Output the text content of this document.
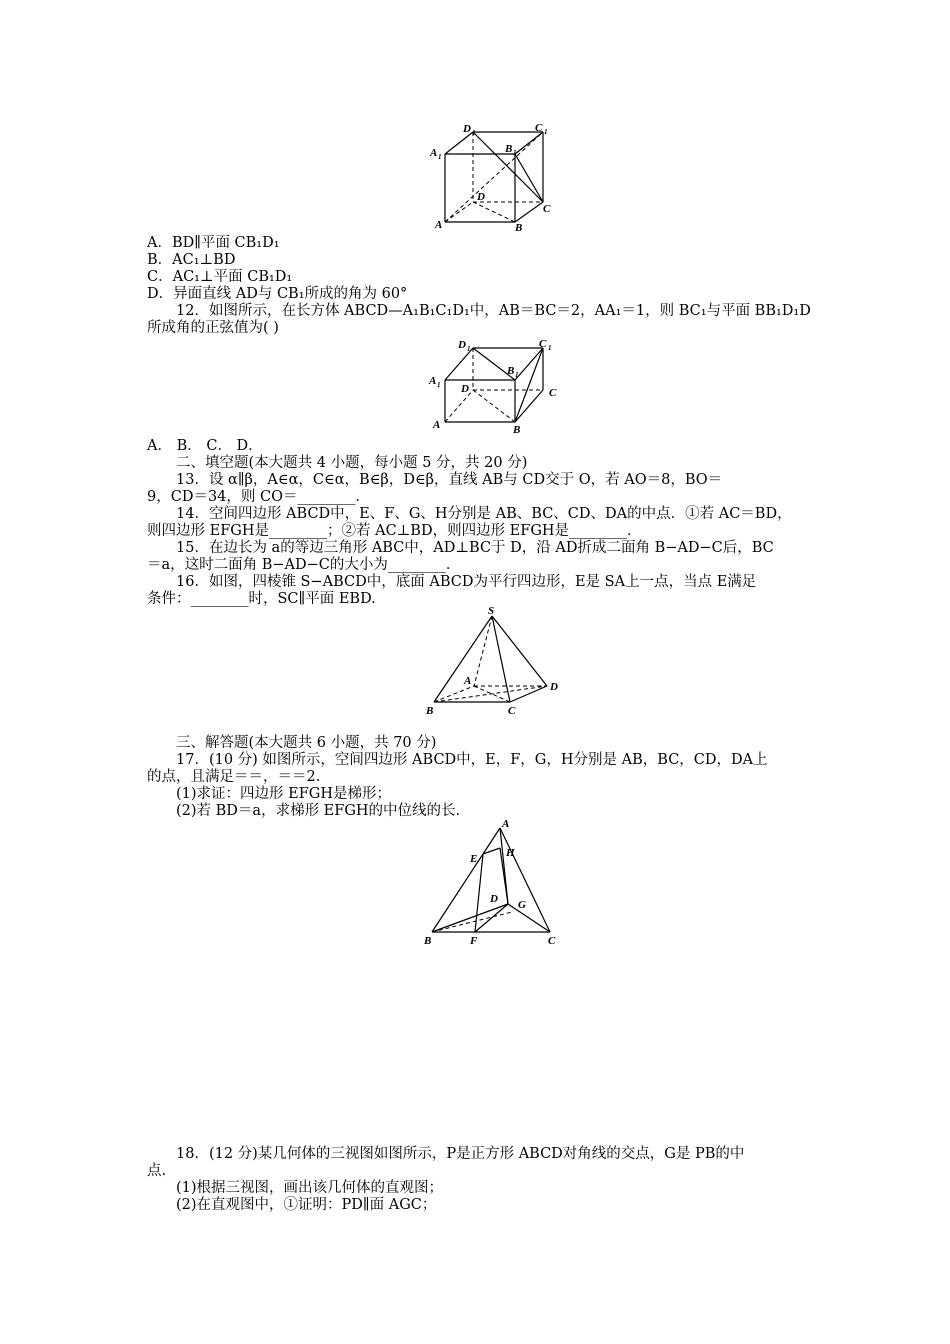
D 1	C 1
A 1
B 1
D
C
A	B
A．BD∥平面 CB₁D₁
B．AC₁⊥BD
C．AC₁⊥平面 CB₁D₁
D．异面直线 AD与 CB₁所成的角为 60°
12．如图所示，在长方体 ABCD—A₁B₁C₁D₁中，AB＝BC＝2，AA₁＝1，则 BC₁与平面 BB₁D₁D
所成角的正弦值为( )
D 1	C 1
A 1
B 1
D	C
A	B
A． B． C． D．
二、填空题(本大题共 4 小题，每小题 5 分，共 20 分)
13．设 α∥β，A∈α，C∈α，B∈β，D∈β，直线 AB与 CD交于 O，若 AO＝8，BO＝
9，CD＝34，则 CO＝________．
14．空间四边形 ABCD中，E、F、G、H分别是 AB、BC、CD、DA的中点．①若 AC＝BD，
则四边形 EFGH是________；②若 AC⊥BD，则四边形 EFGH是________．
15．在边长为 a的等边三角形 ABC中，AD⊥BC于 D，沿 AD折成二面角 B−AD−C后，BC
＝a，这时二面角 B−AD−C的大小为________．
16．如图，四棱锥 S−ABCD中，底面 ABCD为平行四边形，E是 SA上一点，当点 E满足
条件：________时，SC∥平面 EBD.
S
A	D
B	C
三、解答题(本大题共 6 小题，共 70 分)
17．(10 分) 如图所示，空间四边形 ABCD中，E，F，G，H分别是 AB，BC，CD，DA上
的点，且满足＝＝，＝＝2.
(1)求证：四边形 EFGH是梯形；
(2)若 BD＝a，求梯形 EFGH的中位线的长.
A
E	H
D G
B	F	C
18．(12 分)某几何体的三视图如图所示，P是正方形 ABCD对角线的交点，G是 PB的中
点.
(1)根据三视图，画出该几何体的直观图；
(2)在直观图中，①证明：PD∥面 AGC；
